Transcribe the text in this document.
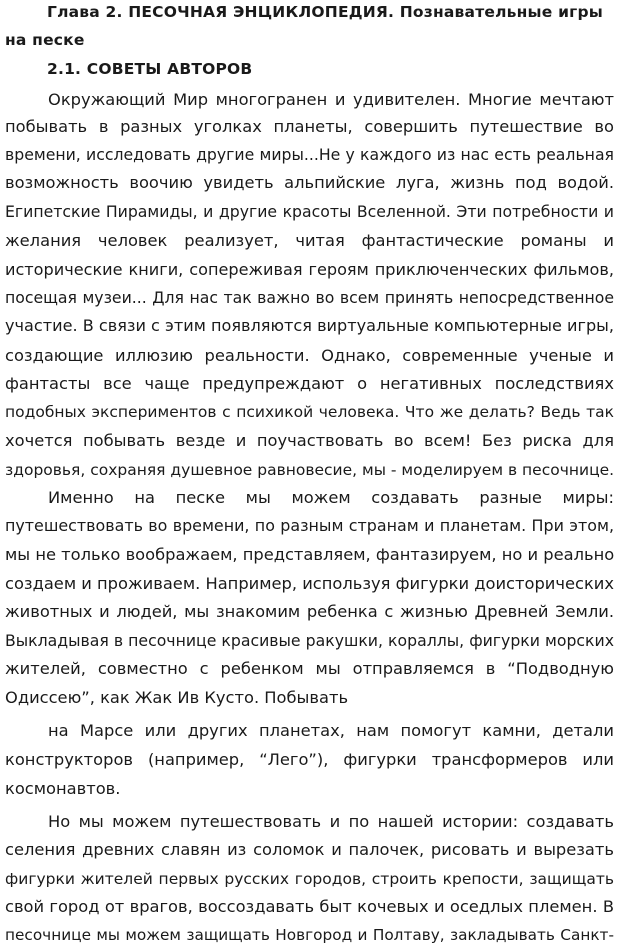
Глава 2. ПЕСОЧНАЯ ЭНЦИКЛОПЕДИЯ. Познавательные игры
на песке
2.1. СОВЕТЫ АВТОРОВ
Окружающий Мир многогранен и удивителен. Многие мечтают
побывать в разных уголках планеты, совершить путешествие во
времени, исследовать другие миры...Не у каждого из нас есть реальная
возможность воочию увидеть альпийские луга, жизнь под водой.
Египетские Пирамиды, и другие красоты Вселенной. Эти потребности и
желания человек реализует, читая фантастические романы и
исторические книги, сопереживая героям приключенческих фильмов,
посещая музеи... Для нас так важно во всем принять непосредственное
участие. В связи с этим появляются виртуальные компьютерные игры,
создающие иллюзию реальности. Однако, современные ученые и
фантасты все чаще предупреждают о негативных последствиях
подобных экспериментов с психикой человека. Что же делать? Ведь так
хочется побывать везде и поучаствовать во всем! Без риска для
здоровья, сохраняя душевное равновесие, мы - моделируем в песочнице.
Именно на песке мы можем создавать разные миры:
путешествовать во времени, по разным странам и планетам. При этом,
мы не только воображаем, представляем, фантазируем, но и реально
создаем и проживаем. Например, используя фигурки доисторических
животных и людей, мы знакомим ребенка с жизнью Древней Земли.
Выкладывая в песочнице красивые ракушки, кораллы, фигурки морских
жителей, совместно с ребенком мы отправляемся в “Подводную
Одиссею”, как Жак Ив Кусто. Побывать
на Марсе или других планетах, нам помогут камни, детали
конструкторов (например, “Лего”), фигурки трансформеров или
космонавтов.
Но мы можем путешествовать и по нашей истории: создавать
селения древних славян из соломок и палочек, рисовать и вырезать
фигурки жителей первых русских городов, строить крепости, защищать
свой город от врагов, воссоздавать быт кочевых и оседлых племен. В
песочнице мы можем защищать Новгород и Полтаву, закладывать Санкт-
